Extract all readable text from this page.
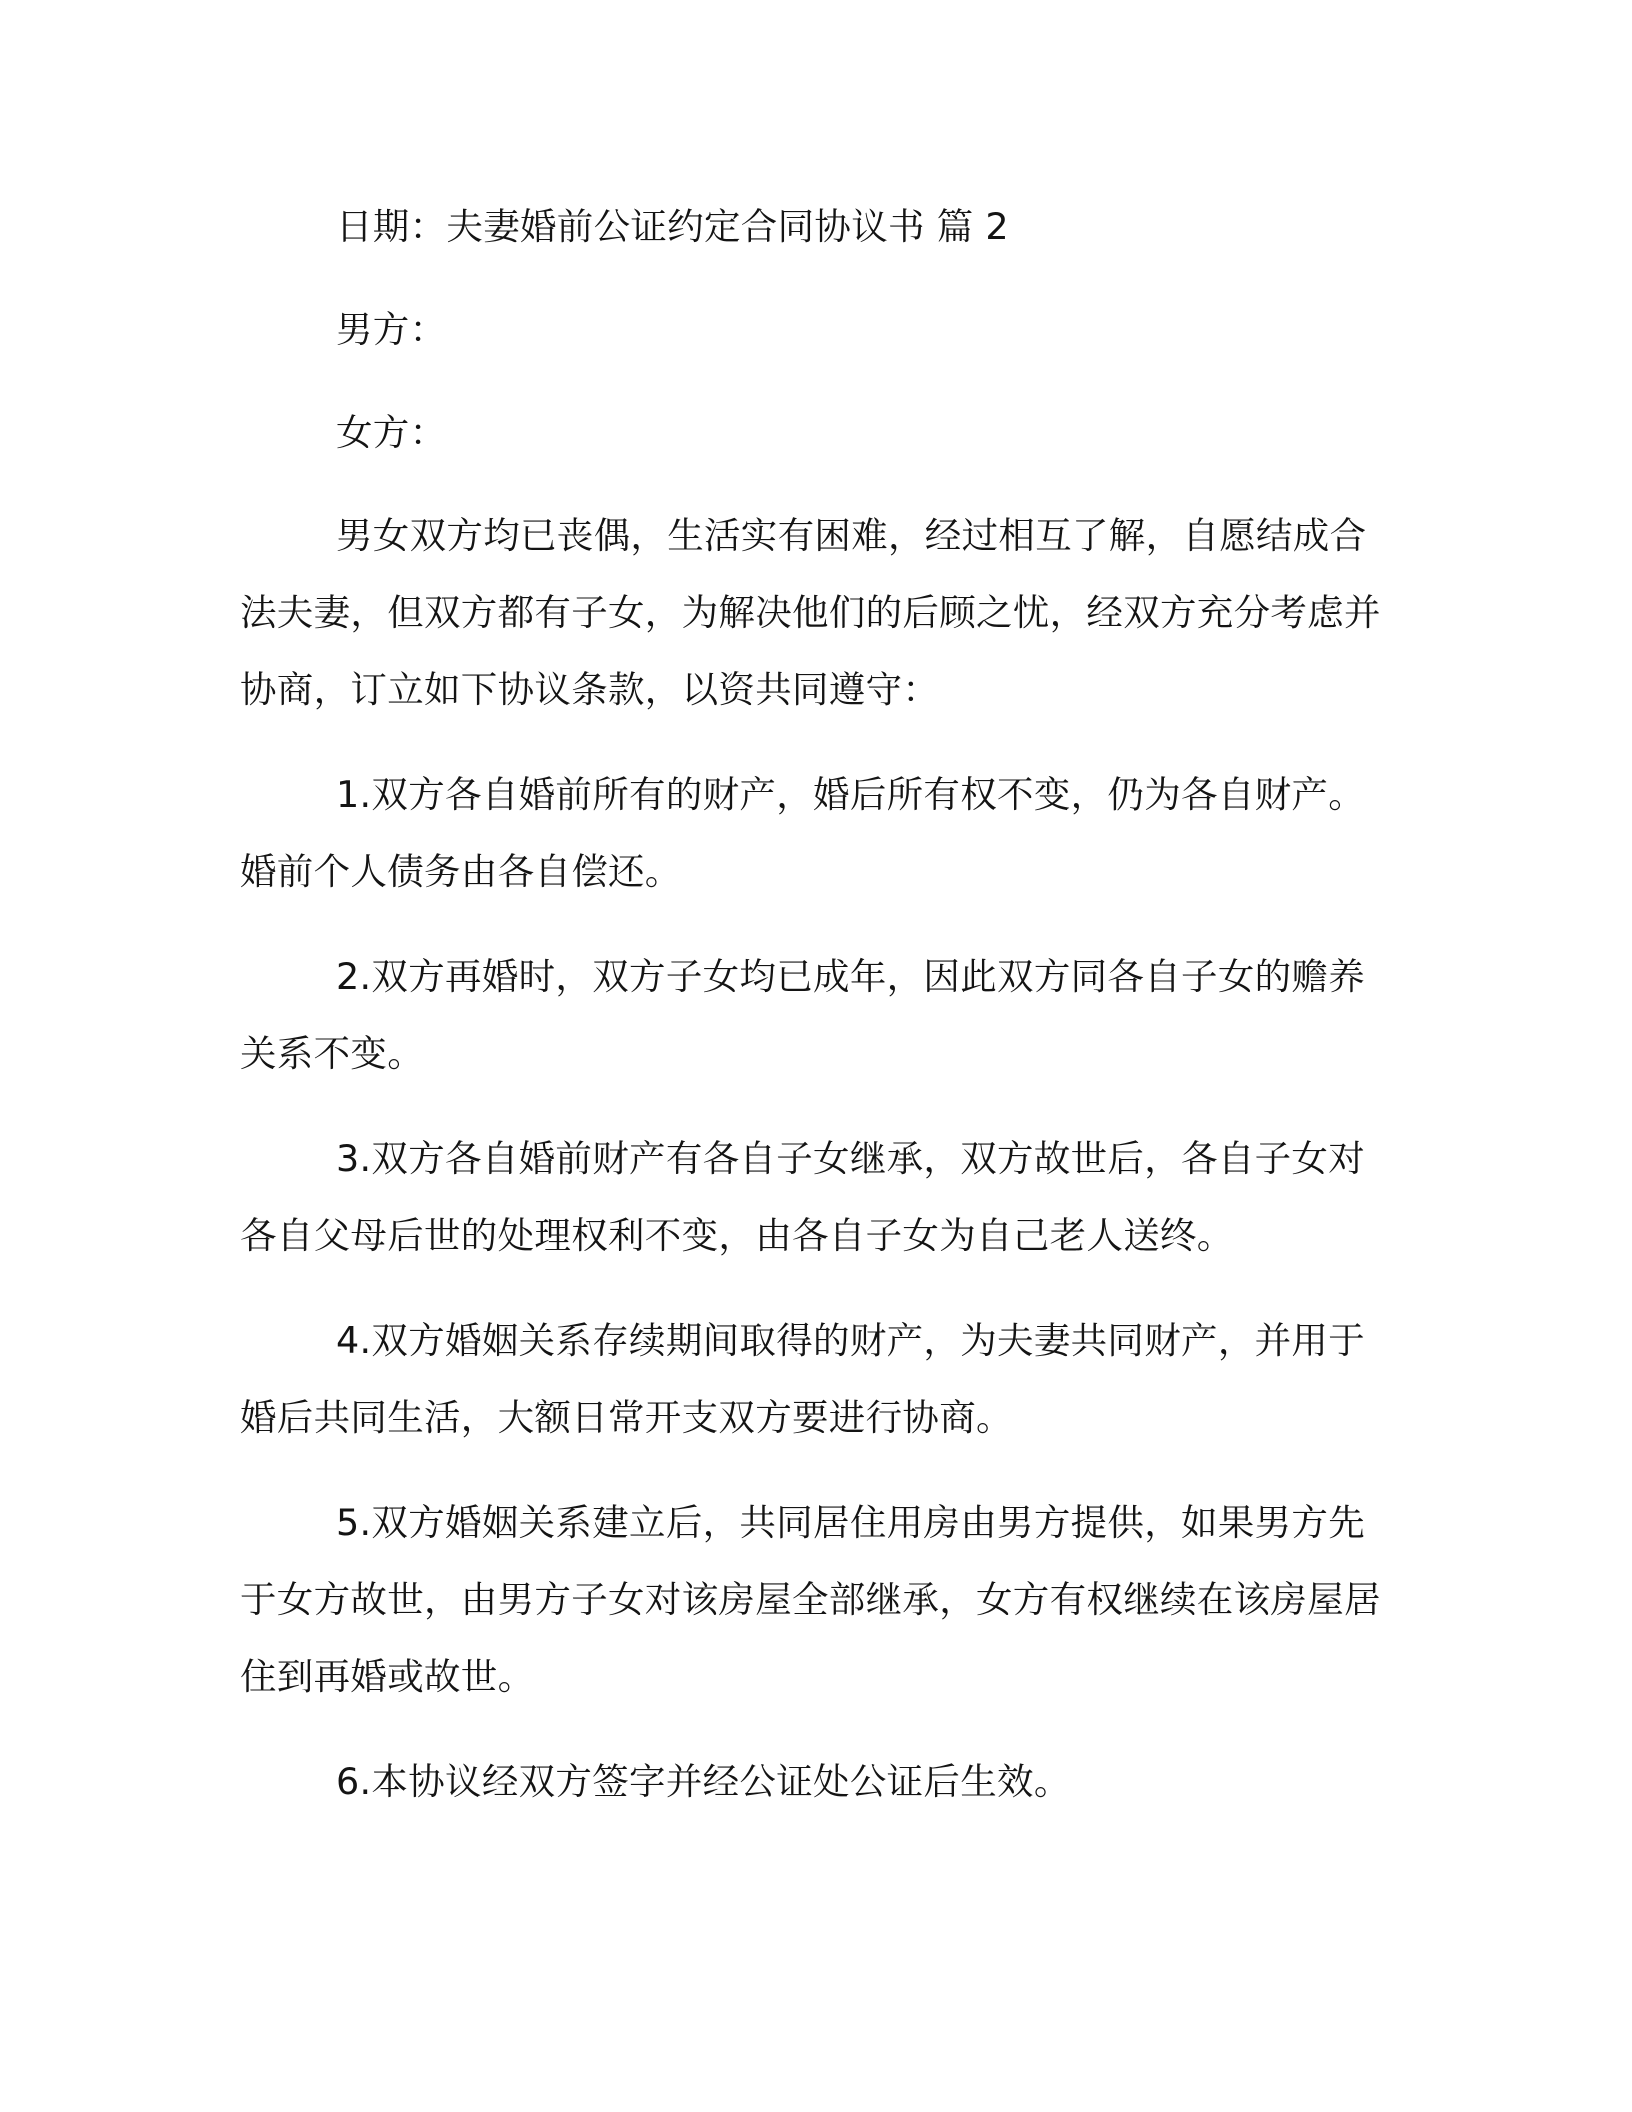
日期：夫妻婚前公证约定合同协议书 篇 2

男方：

女方：

男女双方均已丧偶，生活实有困难，经过相互了解，自愿结成合法夫妻，但双方都有子女，为解决他们的后顾之忧，经双方充分考虑并协商，订立如下协议条款，以资共同遵守：

1.双方各自婚前所有的财产，婚后所有权不变，仍为各自财产。婚前个人债务由各自偿还。

2.双方再婚时，双方子女均已成年，因此双方同各自子女的赡养关系不变。

3.双方各自婚前财产有各自子女继承，双方故世后，各自子女对各自父母后世的处理权利不变，由各自子女为自己老人送终。

4.双方婚姻关系存续期间取得的财产，为夫妻共同财产，并用于婚后共同生活，大额日常开支双方要进行协商。

5.双方婚姻关系建立后，共同居住用房由男方提供，如果男方先于女方故世，由男方子女对该房屋全部继承，女方有权继续在该房屋居住到再婚或故世。

6.本协议经双方签字并经公证处公证后生效。
